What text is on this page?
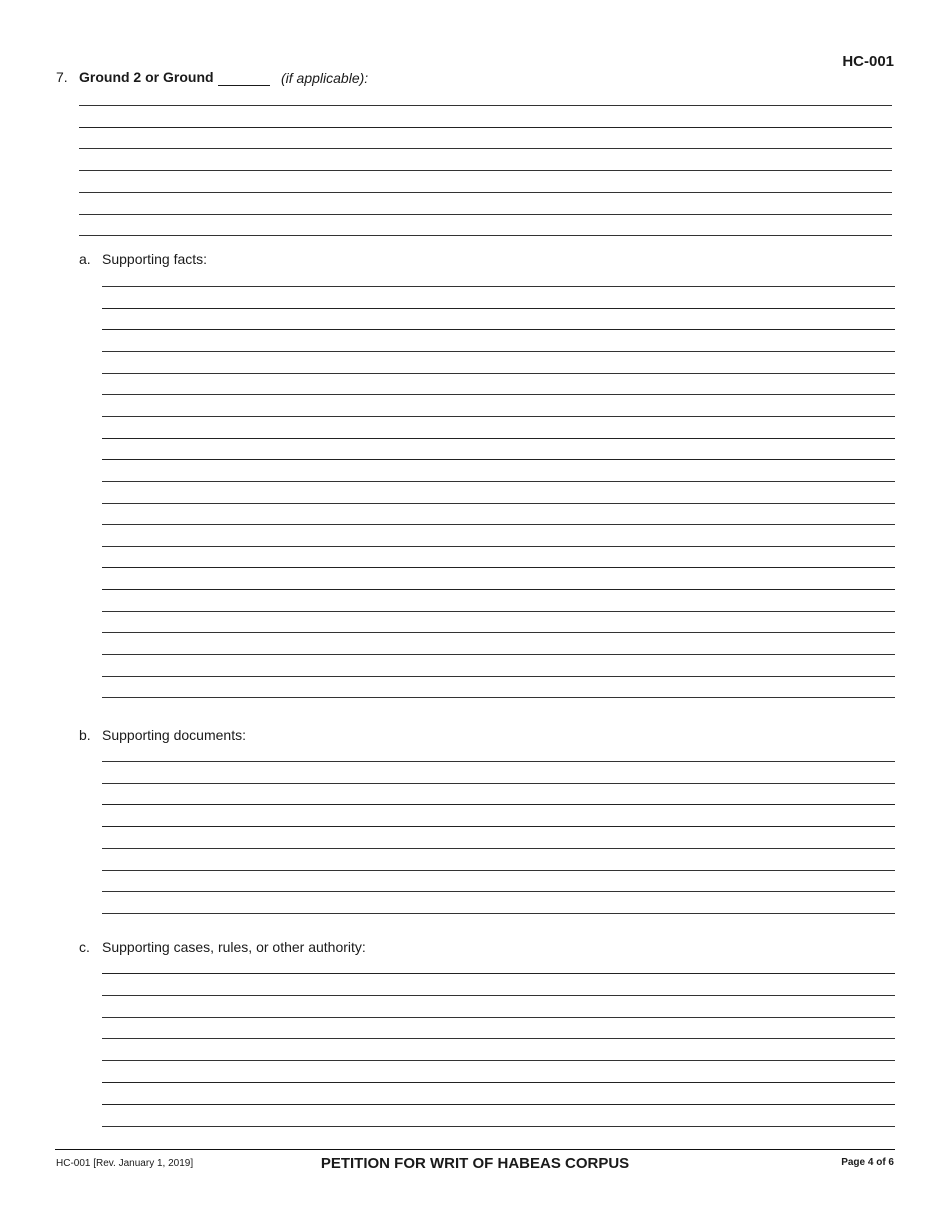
HC-001
7. Ground 2 or Ground	(if applicable):
a. Supporting facts:
b. Supporting documents:
c. Supporting cases, rules, or other authority:
HC-001 [Rev. January 1, 2019]	PETITION FOR WRIT OF HABEAS CORPUS	Page 4 of 6
